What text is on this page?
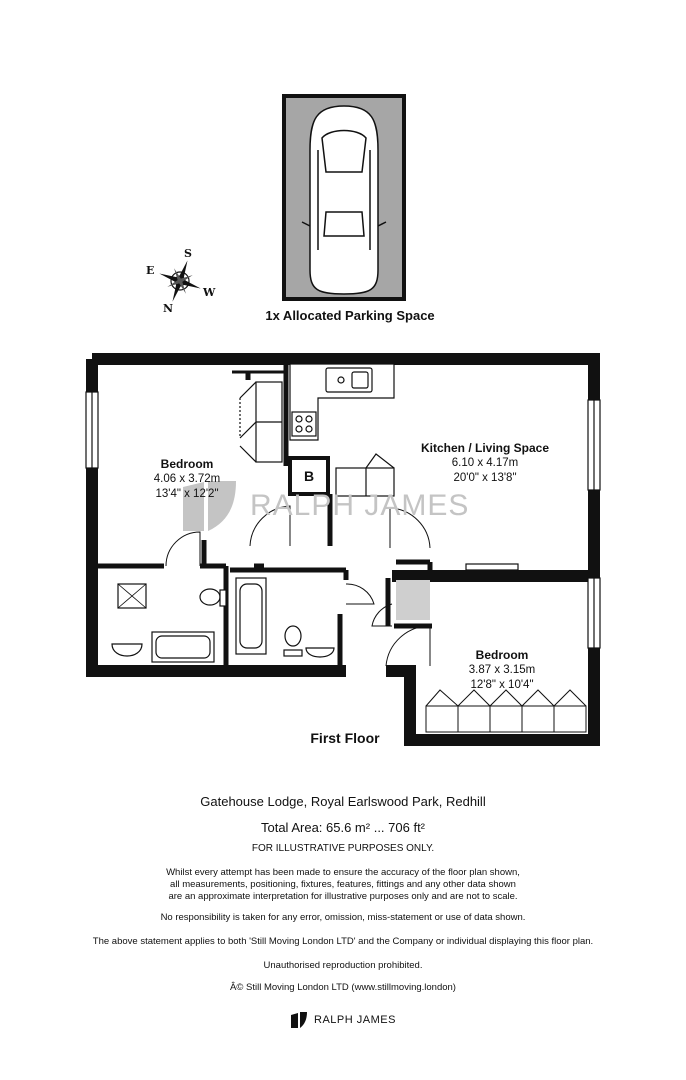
S
E
W
N	1x Allocated Parking Space
B
RALPH JAMES
Bedroom
4.06 x 3.72m
13'4" x 12'2"
Kitchen / Living Space
6.10 x 4.17m
20'0" x 13'8"
Bedroom
3.87 x 3.15m
12'8" x 10'4"
First Floor
Gatehouse Lodge, Royal Earlswood Park, Redhill
Total Area: 65.6 m² ... 706 ft²
FOR ILLUSTRATIVE PURPOSES ONLY.
Whilst every attempt has been made to ensure the accuracy of the floor plan shown,
all measurements, positioning, fixtures, features, fittings and any other data shown
are an approximate interpretation for illustrative purposes only and are not to scale.
No responsibility is taken for any error, omission, miss-statement or use of data shown.
The above statement applies to both 'Still Moving London LTD' and the Company or individual displaying this floor plan.
Unauthorised reproduction prohibited.
Â© Still Moving London LTD (www.stillmoving.london)
RALPH JAMES
